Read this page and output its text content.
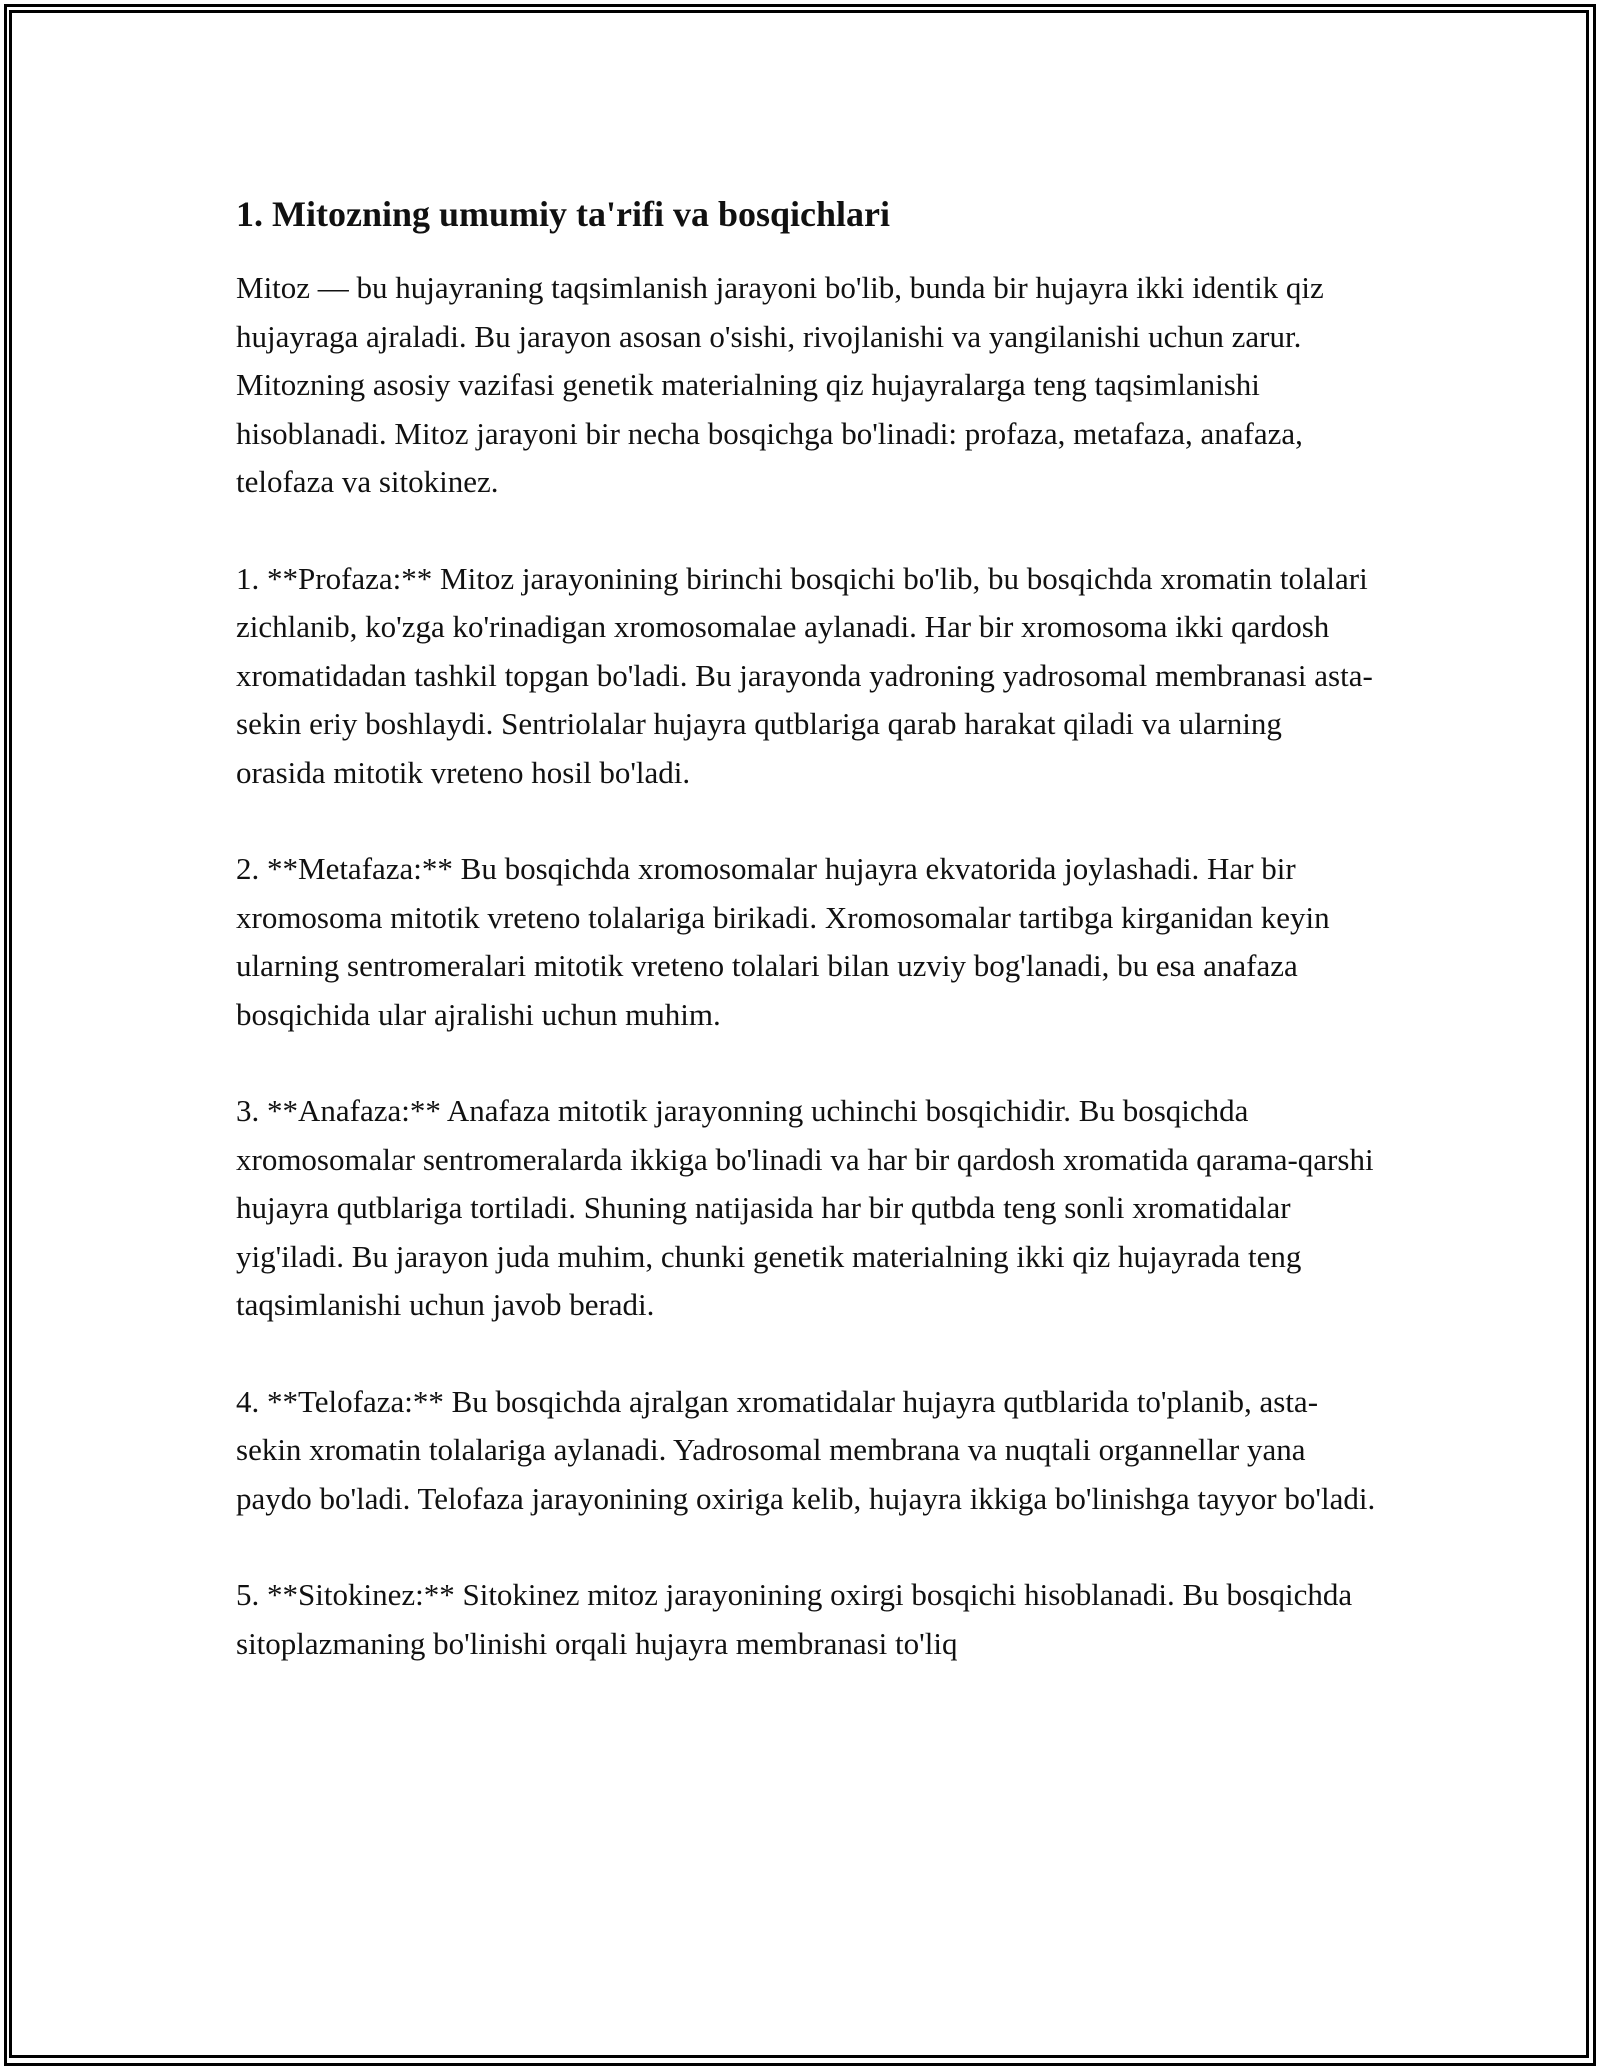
1. Mitozning umumiy ta'rifi va bosqichlari

Mitoz — bu hujayraning taqsimlanish jarayoni bo'lib, bunda bir hujayra ikki identik qiz hujayraga ajraladi. Bu jarayon asosan o'sishi, rivojlanishi va yangilanishi uchun zarur. Mitozning asosiy vazifasi genetik materialning qiz hujayralarga teng taqsimlanishi hisoblanadi. Mitoz jarayoni bir necha bosqichga bo'linadi: profaza, metafaza, anafaza, telofaza va sitokinez.

1. **Profaza:** Mitoz jarayonining birinchi bosqichi bo'lib, bu bosqichda xromatin tolalari zichlanib, ko'zga ko'rinadigan xromosomalae aylanadi. Har bir xromosoma ikki qardosh xromatidadan tashkil topgan bo'ladi. Bu jarayonda yadroning yadrosomal membranasi asta-sekin eriy boshlaydi. Sentriolalar hujayra qutblariga qarab harakat qiladi va ularning orasida mitotik vreteno hosil bo'ladi.

2. **Metafaza:** Bu bosqichda xromosomalar hujayra ekvatorida joylashadi. Har bir xromosoma mitotik vreteno tolalariga birikadi. Xromosomalar tartibga kirganidan keyin ularning sentromeralari mitotik vreteno tolalari bilan uzviy bog'lanadi, bu esa anafaza bosqichida ular ajralishi uchun muhim.

3. **Anafaza:** Anafaza mitotik jarayonning uchinchi bosqichidir. Bu bosqichda xromosomalar sentromeralarda ikkiga bo'linadi va har bir qardosh xromatida qarama-qarshi hujayra qutblariga tortiladi. Shuning natijasida har bir qutbda teng sonli xromatidalar yig'iladi. Bu jarayon juda muhim, chunki genetik materialning ikki qiz hujayrada teng taqsimlanishi uchun javob beradi.

4. **Telofaza:** Bu bosqichda ajralgan xromatidalar hujayra qutblarida to'planib, asta-sekin xromatin tolalariga aylanadi. Yadrosomal membrana va nuqtali organnellar yana paydo bo'ladi. Telofaza jarayonining oxiriga kelib, hujayra ikkiga bo'linishga tayyor bo'ladi.

5. **Sitokinez:** Sitokinez mitoz jarayonining oxirgi bosqichi hisoblanadi. Bu bosqichda sitoplazmaning bo'linishi orqali hujayra membranasi to'liq
